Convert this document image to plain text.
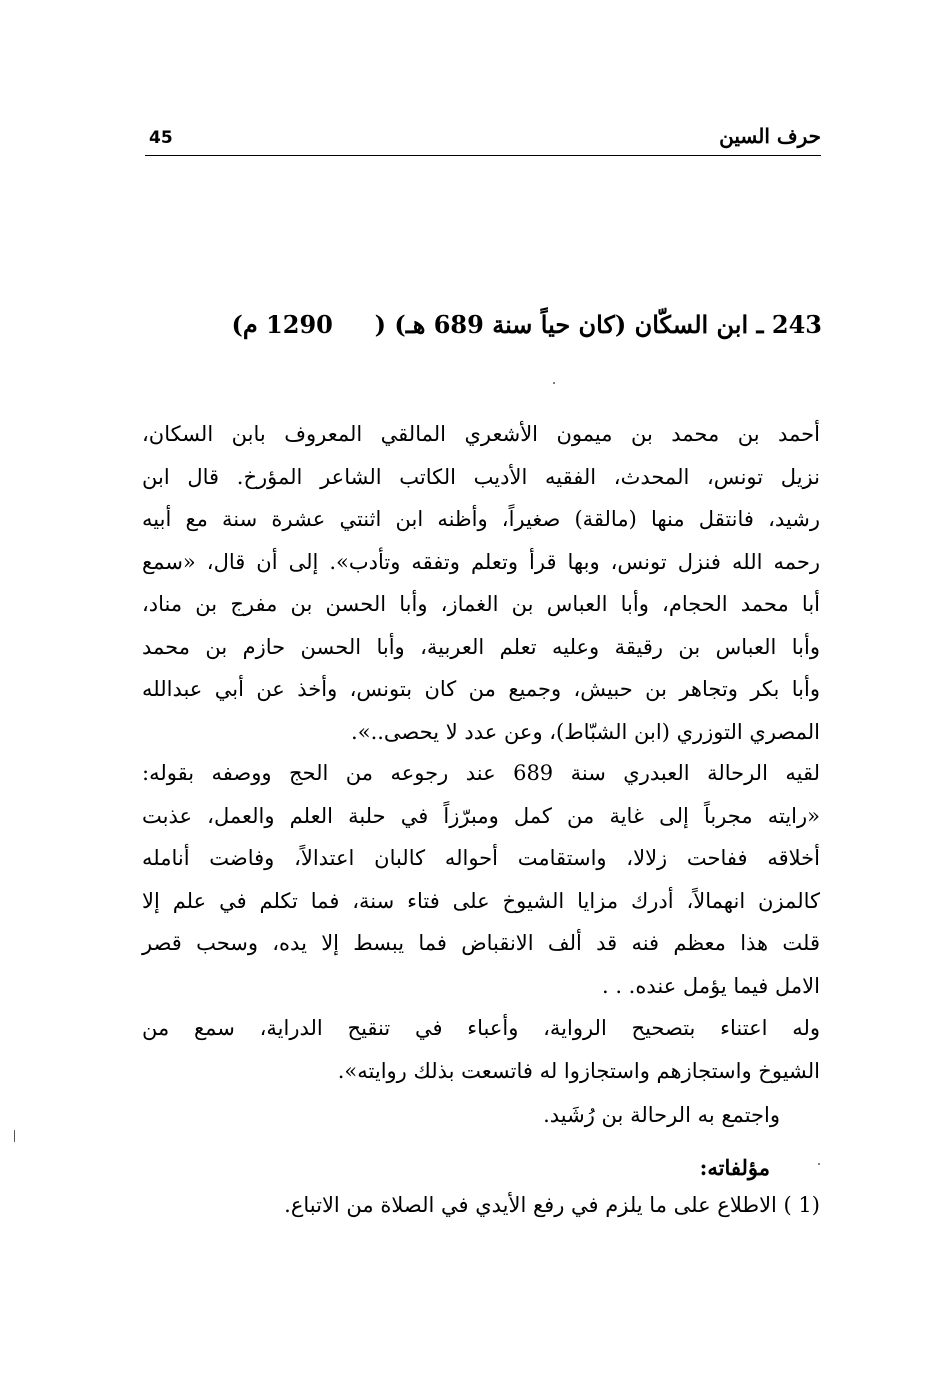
45	حرف السين
243 ـ ابن السكّان (كان حياً سنة 689 هـ) (     1290 م)
أحمد بن محمد بن ميمون الأشعري المالقي المعروف بابن السكان،
نزيل تونس، المحدث، الفقيه الأديب الكاتب الشاعر المؤرخ. قال ابن
رشيد، فانتقل منها (مالقة) صغيراً، وأظنه ابن اثنتي عشرة سنة مع أبيه
رحمه الله فنزل تونس، وبها قرأ وتعلم وتفقه وتأدب». إلى أن قال، «سمع
أبا محمد الحجام، وأبا العباس بن الغماز، وأبا الحسن بن مفرج بن مناد،
وأبا العباس بن رقيقة وعليه تعلم العربية، وأبا الحسن حازم بن محمد
وأبا بكر وتجاهر بن حبيش، وجميع من كان بتونس، وأخذ عن أبي عبدالله
المصري التوزري (ابن الشبّاط)، وعن عدد لا يحصى..».
لقيه الرحالة العبدري سنة 689 عند رجوعه من الحج ووصفه بقوله:
«رايته مجرباً إلى غاية من كمل ومبرّزاً في حلبة العلم والعمل، عذبت
أخلاقه ففاحت زلالا، واستقامت أحواله كالبان اعتدالاً، وفاضت أنامله
كالمزن انهمالاً، أدرك مزايا الشيوخ على فتاء سنة، فما تكلم في علم إلا
قلت هذا معظم فنه قد ألف الانقباض فما يبسط إلا يده، وسحب قصر
الامل فيما يؤمل عنده. . .
وله اعتناء بتصحيح الرواية، وأعباء في تنقيح الدراية، سمع من
الشيوخ واستجازهم واستجازوا له فاتسعت بذلك روايته».
واجتمع به الرحالة بن رُشَيد.
مؤلفاته:
(1 ) الاطلاع على ما يلزم في رفع الأيدي في الصلاة من الاتباع.
